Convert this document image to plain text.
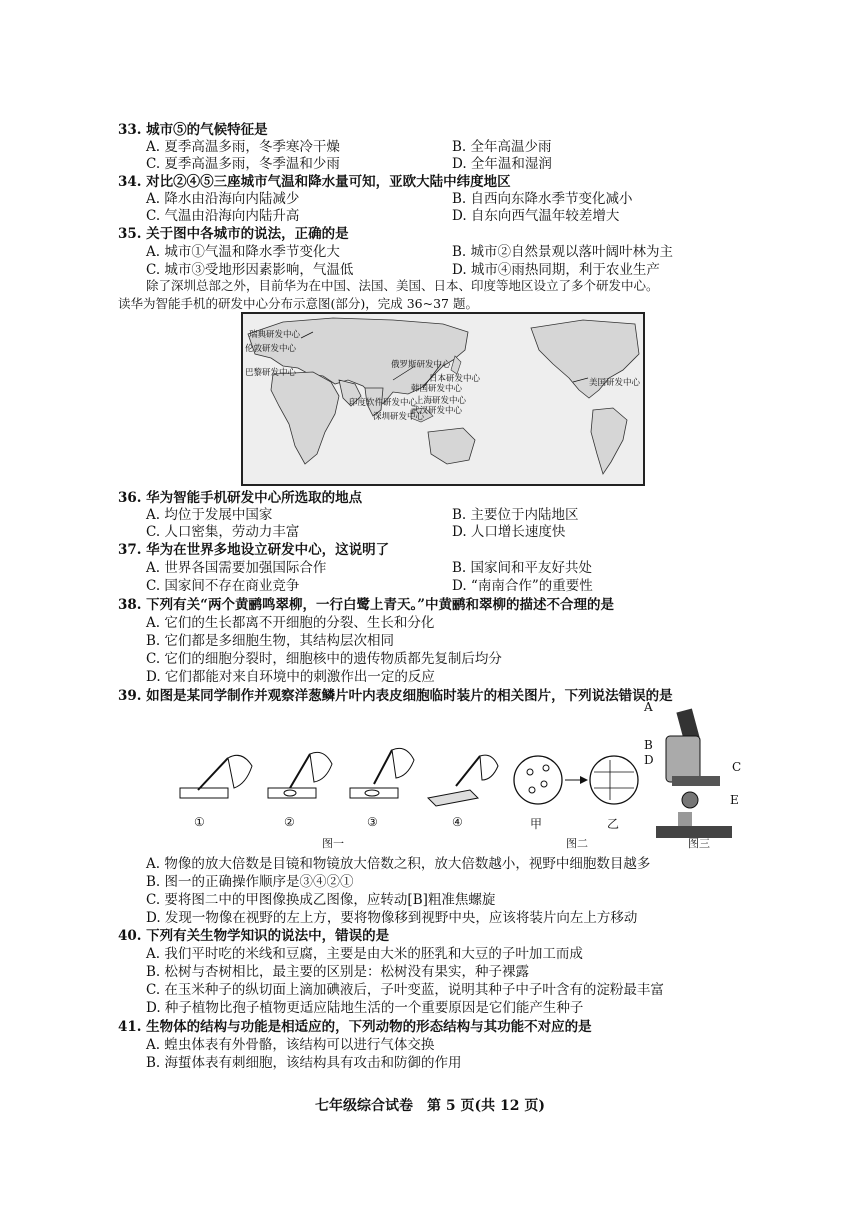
33. 城市⑤的气候特征是
A. 夏季高温多雨，冬季寒冷干燥	B. 全年高温少雨
C. 夏季高温多雨，冬季温和少雨	D. 全年温和湿润
34. 对比②④⑤三座城市气温和降水量可知，亚欧大陆中纬度地区
A. 降水由沿海向内陆减少	B. 自西向东降水季节变化减小
C. 气温由沿海向内陆升高	D. 自东向西气温年较差增大
35. 关于图中各城市的说法，正确的是
A. 城市①气温和降水季节变化大	B. 城市②自然景观以落叶阔叶林为主
C. 城市③受地形因素影响，气温低	D. 城市④雨热同期，利于农业生产
除了深圳总部之外，目前华为在中国、法国、美国、日本、印度等地区设立了多个研发中心。
读华为智能手机的研发中心分布示意图(部分)，完成 36~37 题。
瑞典研发中心
伦敦研发中心
巴黎研发中心
俄罗斯研发中心
日本研发中心
韩国研发中心
上海研发中心
印度软件研发中心
武汉研发中心
深圳研发中心
美国研发中心
36. 华为智能手机研发中心所选取的地点
A. 均位于发展中国家	B. 主要位于内陆地区
C. 人口密集，劳动力丰富	D. 人口增长速度快
37. 华为在世界多地设立研发中心，这说明了
A. 世界各国需要加强国际合作	B. 国家间和平友好共处
C. 国家间不存在商业竞争	D. “南南合作”的重要性
38. 下列有关“两个黄鹂鸣翠柳，一行白鹭上青天。”中黄鹂和翠柳的描述不合理的是
A. 它们的生长都离不开细胞的分裂、生长和分化
B. 它们都是多细胞生物，其结构层次相同
C. 它们的细胞分裂时，细胞核中的遗传物质都先复制后均分
D. 它们都能对来自环境中的刺激作出一定的反应
39. 如图是某同学制作并观察洋葱鳞片叶内表皮细胞临时装片的相关图片，下列说法错误的是
①	②	③	④	甲	乙
图一	图二	图三
A
B
D	C
E
A. 物像的放大倍数是目镜和物镜放大倍数之积，放大倍数越小，视野中细胞数目越多
B. 图一的正确操作顺序是③④②①
C. 要将图二中的甲图像换成乙图像，应转动[B]粗准焦螺旋
D. 发现一物像在视野的左上方，要将物像移到视野中央，应该将装片向左上方移动
40. 下列有关生物学知识的说法中，错误的是
A. 我们平时吃的米线和豆腐，主要是由大米的胚乳和大豆的子叶加工而成
B. 松树与杏树相比，最主要的区别是：松树没有果实，种子裸露
C. 在玉米种子的纵切面上滴加碘液后，子叶变蓝，说明其种子中子叶含有的淀粉最丰富
D. 种子植物比孢子植物更适应陆地生活的一个重要原因是它们能产生种子
41. 生物体的结构与功能是相适应的，下列动物的形态结构与其功能不对应的是
A. 蝗虫体表有外骨骼，该结构可以进行气体交换
B. 海蜇体表有刺细胞，该结构具有攻击和防御的作用
七年级综合试卷　第 5 页(共 12 页)
